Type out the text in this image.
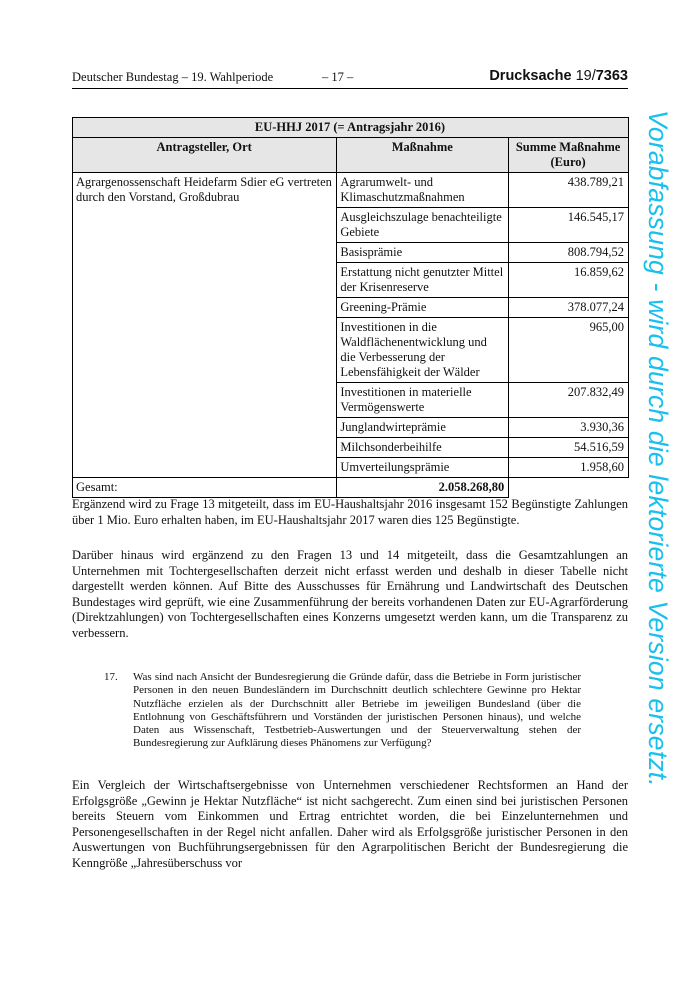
Deutscher Bundestag – 19. Wahlperiode	– 17 –	Drucksache 19/7363
EU-HHJ 2017 (= Antragsjahr 2016)		
Antragsteller, Ort	Maßnahme	Summe Maßnahme (Euro)
Agrargenossenschaft Heidefarm Sdier eG vertreten durch den Vorstand, Großdubrau	Agrarumwelt- und Klimaschutzmaßnahmen	438.789,21
	Ausgleichszulage benachteiligte Gebiete	146.545,17
	Basisprämie	808.794,52
	Erstattung nicht genutzter Mittel der Krisenreserve	16.859,62
	Greening-Prämie	378.077,24
	Investitionen in die Waldflächenentwicklung und die Verbesserung der Lebensfähigkeit der Wälder	965,00
	Investitionen in materielle Vermögenswerte	207.832,49
	Junglandwirteprämie	3.930,36
	Milchsonderbeihilfe	54.516,59
	Umverteilungsprämie	1.958,60
Gesamt:	2.058.268,80	

Ergänzend wird zu Frage 13 mitgeteilt, dass im EU-Haushaltsjahr 2016 insgesamt 152 Begünstigte Zahlungen über 1 Mio. Euro erhalten haben, im EU-Haushaltsjahr 2017 waren dies 125 Begünstigte.

Darüber hinaus wird ergänzend zu den Fragen 13 und 14 mitgeteilt, dass die Gesamtzahlungen an Unternehmen mit Tochtergesellschaften derzeit nicht erfasst werden und deshalb in dieser Tabelle nicht dargestellt werden können. Auf Bitte des Ausschusses für Ernährung und Landwirtschaft des Deutschen Bundestages wird geprüft, wie eine Zusammenführung der bereits vorhandenen Daten zur EU-Agrarförderung (Direktzahlungen) von Tochtergesellschaften eines Konzerns umgesetzt werden kann, um die Transparenz zu verbessern.

17. Was sind nach Ansicht der Bundesregierung die Gründe dafür, dass die Betriebe in Form juristischer Personen in den neuen Bundesländern im Durchschnitt deutlich schlechtere Gewinne pro Hektar Nutzfläche erzielen als der Durchschnitt aller Betriebe im jeweiligen Bundesland (über die Entlohnung von Geschäftsführern und Vorständen der juristischen Personen hinaus), und welche Daten aus Wissenschaft, Testbetrieb-Auswertungen und der Steuerverwaltung stehen der Bundesregierung zur Aufklärung dieses Phänomens zur Verfügung?

Ein Vergleich der Wirtschaftsergebnisse von Unternehmen verschiedener Rechtsformen an Hand der Erfolgsgröße „Gewinn je Hektar Nutzfläche“ ist nicht sachgerecht. Zum einen sind bei juristischen Personen bereits Steuern vom Einkommen und Ertrag entrichtet worden, die bei Einzelunternehmen und Personengesellschaften in der Regel nicht anfallen. Daher wird als Erfolgsgröße juristischer Personen in den Auswertungen von Buchführungsergebnissen für den Agrarpolitischen Bericht der Bundesregierung die Kenngröße „Jahresüberschuss vor

Vorabfassung - wird durch die lektorierte Version ersetzt.
